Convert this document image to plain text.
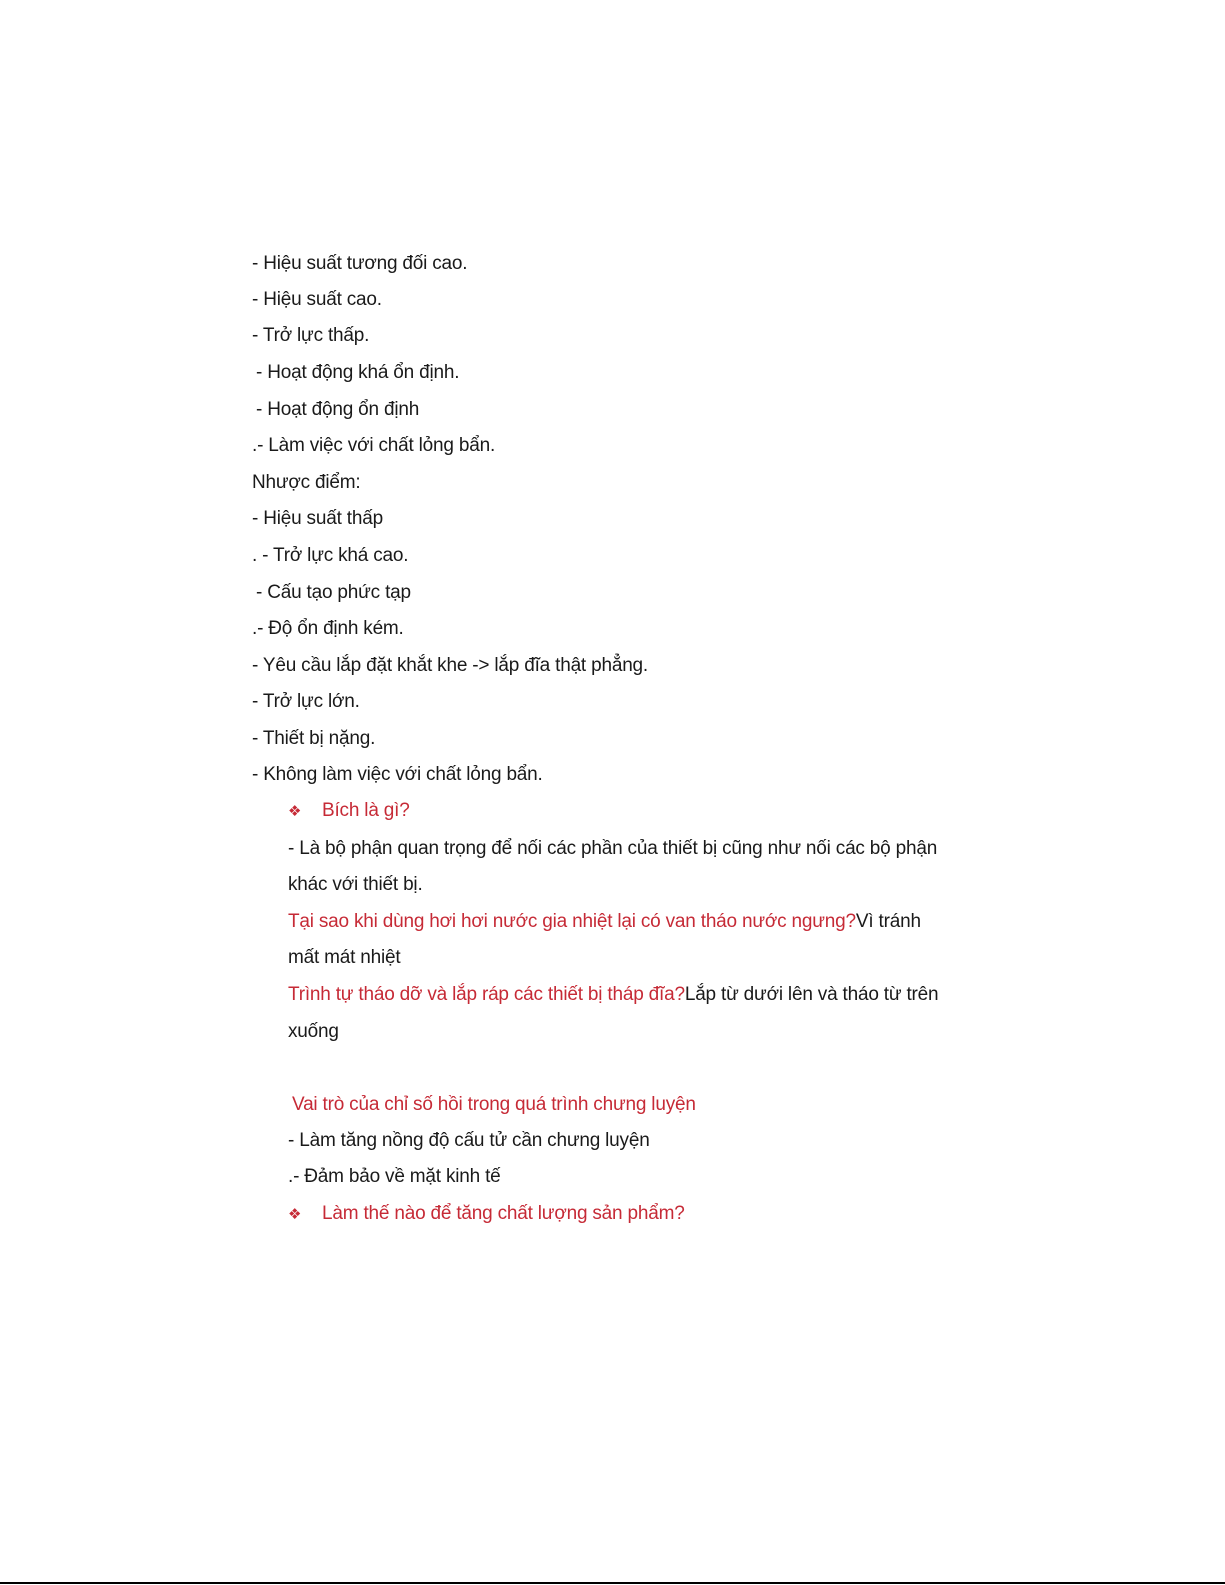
- Hiệu suất tương đối cao.
- Hiệu suất cao.
- Trở lực thấp.
- Hoạt động khá ổn định.
- Hoạt động ổn định
.- Làm việc với chất lỏng bẩn.
Nhược điểm:
- Hiệu suất thấp
. - Trở lực khá cao.
- Cấu tạo phức tạp
.- Độ ổn định kém.
- Yêu cầu lắp đặt khắt khe -> lắp đĩa thật phẳng.
- Trở lực lớn.
- Thiết bị nặng.
- Không làm việc với chất lỏng bẩn.
❖ Bích là gì?
- Là bộ phận quan trọng để nối các phần của thiết bị cũng như nối các bộ phận
khác với thiết bị.
Tại sao khi dùng hơi hơi nước gia nhiệt lại có van tháo nước ngưng?Vì tránh
mất mát nhiệt
Trình tự tháo dỡ và lắp ráp các thiết bị tháp đĩa?Lắp từ dưới lên và tháo từ trên
xuống
Vai trò của chỉ số hồi trong quá trình chưng luyện
- Làm tăng nồng độ cấu tử cần chưng luyện
.- Đảm bảo về mặt kinh tế
❖ Làm thế nào để tăng chất lượng sản phẩm?
